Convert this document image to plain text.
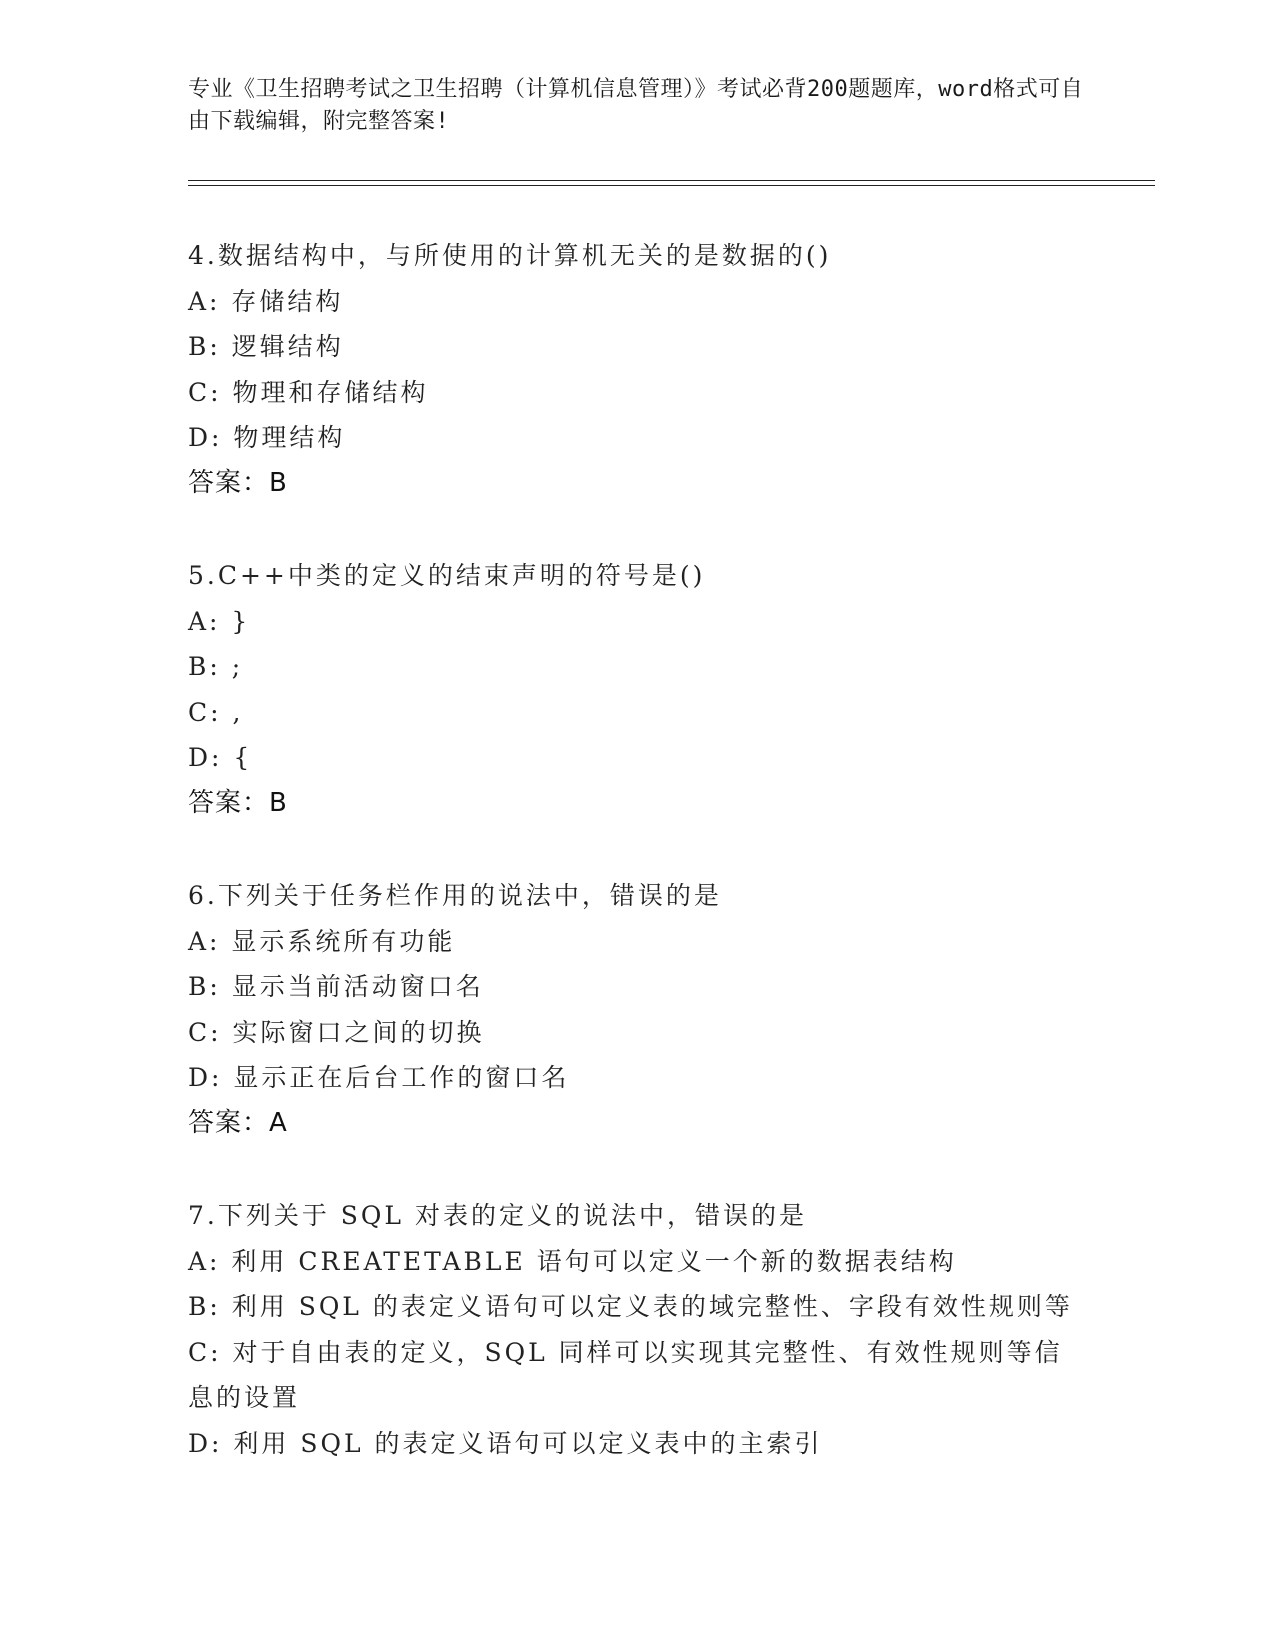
专业《卫生招聘考试之卫生招聘（计算机信息管理）》考试必背200题题库，word格式可自由下载编辑，附完整答案!
4.数据结构中，与所使用的计算机无关的是数据的()
A: 存储结构
B: 逻辑结构
C: 物理和存储结构
D: 物理结构
答案：B
5.C++中类的定义的结束声明的符号是()
A: }
B: ;
C: ,
D: {
答案：B
6.下列关于任务栏作用的说法中，错误的是
A: 显示系统所有功能
B: 显示当前活动窗口名
C: 实际窗口之间的切换
D: 显示正在后台工作的窗口名
答案：A
7.下列关于 SQL 对表的定义的说法中，错误的是
A: 利用 CREATETABLE 语句可以定义一个新的数据表结构
B: 利用 SQL 的表定义语句可以定义表的域完整性、字段有效性规则等
C: 对于自由表的定义，SQL 同样可以实现其完整性、有效性规则等信息的设置
D: 利用 SQL 的表定义语句可以定义表中的主索引
